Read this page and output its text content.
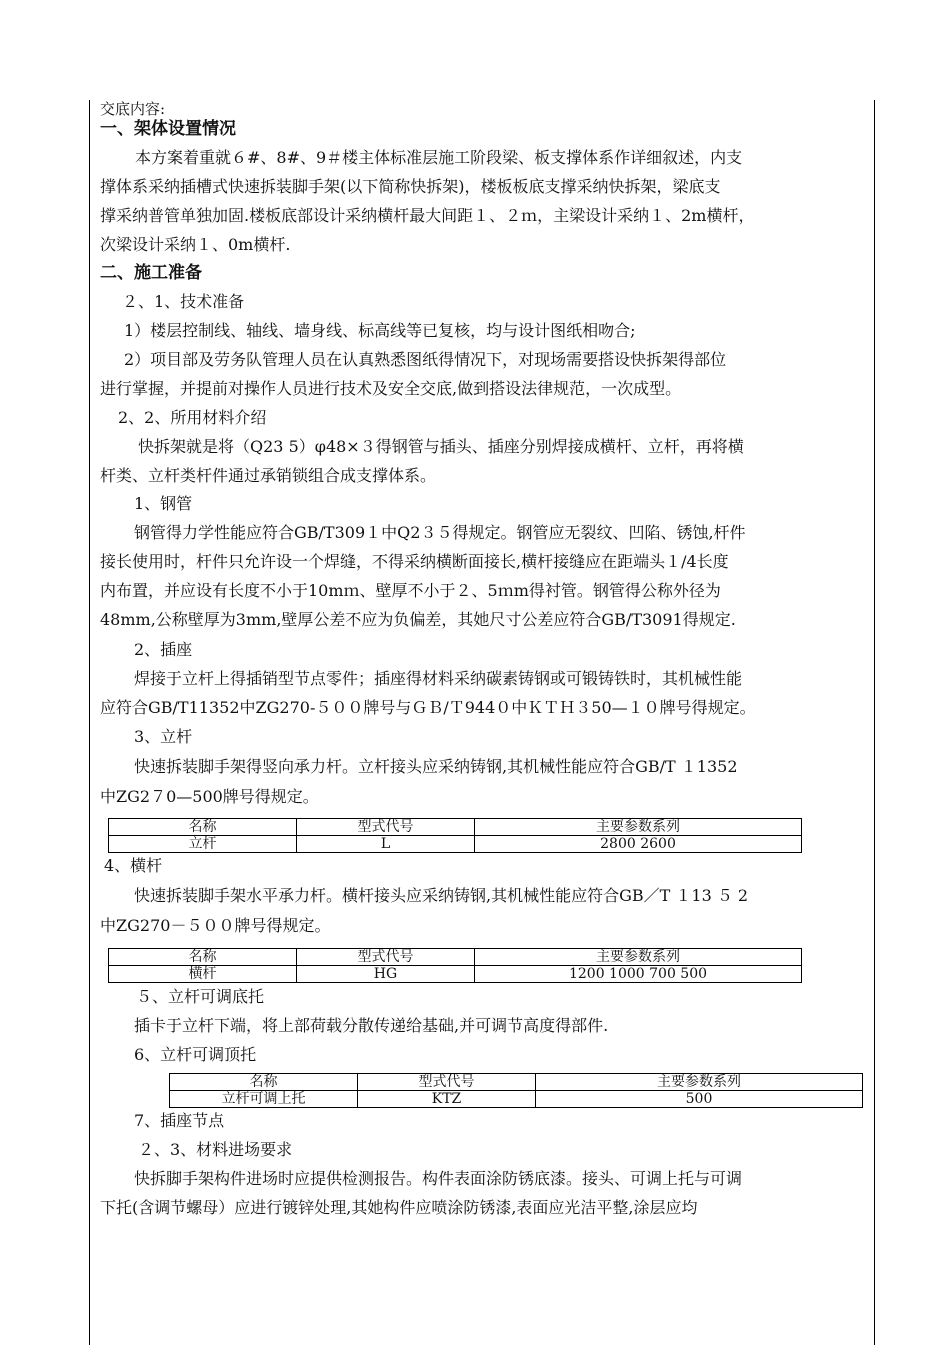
交底内容:
一、架体设置情况
本方案着重就６#、8#、9＃楼主体标准层施工阶段梁、板支撑体系作详细叙述，内支
撑体系采纳插槽式快速拆装脚手架(以下简称快拆架)，楼板板底支撑采纳快拆架，梁底支
撑采纳普管单独加固.楼板底部设计采纳横杆最大间距１、２ｍ，主梁设计采纳１、2m横杆，
次梁设计采纳１、0m横杆.
二、施工准备
２、1、技术准备
1）楼层控制线、轴线、墙身线、标高线等已复核，均与设计图纸相吻合;
2）项目部及劳务队管理人员在认真熟悉图纸得情况下，对现场需要搭设快拆架得部位
进行掌握，并提前对操作人员进行技术及安全交底,做到搭设法律规范，一次成型。
2、2、所用材料介绍
快拆架就是将（Q23 5）φ48×３得钢管与插头、插座分别焊接成横杆、立杆，再将横
杆类、立杆类杆件通过承销锁组合成支撑体系。
1、钢管
钢管得力学性能应符合GB/T309１中Q2３５得规定。钢管应无裂纹、凹陷、锈蚀,杆件
接长使用时，杆件只允许设一个焊缝，不得采纳横断面接长,横杆接缝应在距端头１/4长度
内布置，并应设有长度不小于10mｍ、壁厚不小于２、5ｍm得衬管。钢管得公称外径为
48mm,公称壁厚为3mm,壁厚公差不应为负偏差，其她尺寸公差应符合GB/T3091得规定.
2、插座
焊接于立杆上得插销型节点零件；插座得材料采纳碳素铸钢或可锻铸铁时，其机械性能
应符合GB/T11352中ZG270-５００牌号与ＧＢ/Ｔ944０中ＫＴＨ３50—１０牌号得规定。
3、立杆
快速拆装脚手架得竖向承力杆。立杆接头应采纳铸钢,其机械性能应符合GB/T １1352
中ZG2７0—500牌号得规定。
名称	型式代号	主要参数系列
立杆	L	2800 2600
4、横杆
快速拆装脚手架水平承力杆。横杆接头应采纳铸钢,其机械性能应符合GB／T １13 ５ 2
中ZG270－５００牌号得规定。
名称	型式代号	主要参数系列
横杆	HG	1200 1000 700 500
５、立杆可调底托
插卡于立杆下端，将上部荷载分散传递给基础,并可调节高度得部件.
6、立杆可调顶托
名称	型式代号	主要参数系列
立杆可调上托	KTZ	500
7、插座节点
２、3、材料进场要求
快拆脚手架构件进场时应提供检测报告。构件表面涂防锈底漆。接头、可调上托与可调
下托(含调节螺母）应进行镀锌处理,其她构件应喷涂防锈漆,表面应光洁平整,涂层应均
